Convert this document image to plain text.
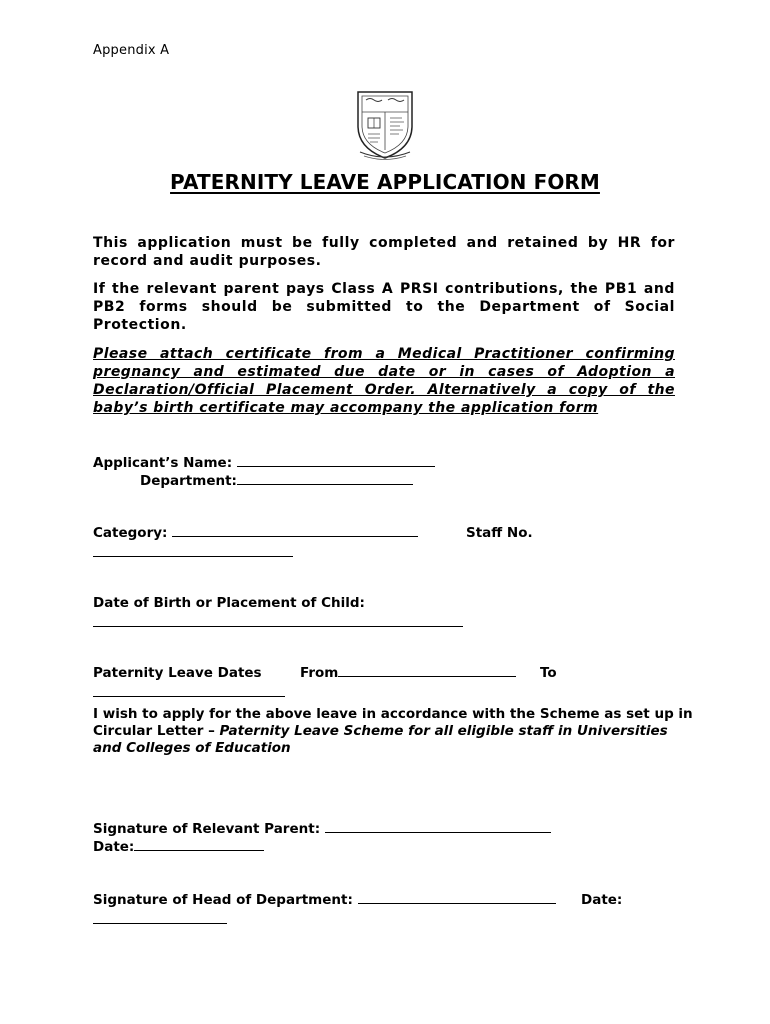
Appendix A
PATERNITY LEAVE APPLICATION FORM
This application must be fully completed and retained by HR for record and audit purposes.
If the relevant parent pays Class A PRSI contributions, the PB1 and PB2 forms should be submitted to the Department of Social Protection.
Please attach certificate from a Medical Practitioner confirming pregnancy and estimated due date or in cases of Adoption a Declaration/Official Placement Order. Alternatively a copy of the baby’s birth certificate may accompany the application form
Applicant’s Name:
Department:
Category:	Staff No.
Date of Birth or Placement of Child:
Paternity Leave Dates	From	To
I wish to apply for the above leave in accordance with the Scheme as set up in Circular Letter – Paternity Leave Scheme for all eligible staff in Universities and Colleges of Education
Signature of Relevant Parent:
Date:
Signature of Head of Department:	Date:
